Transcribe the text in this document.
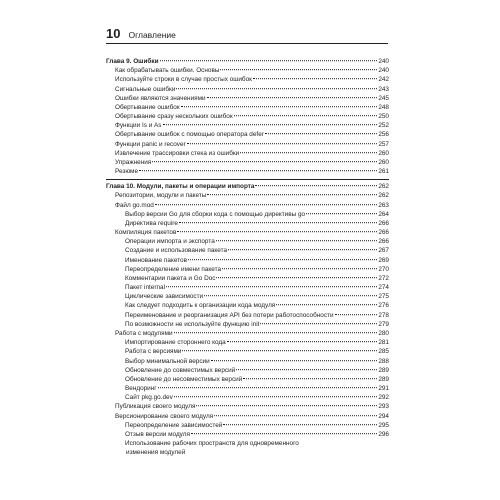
10 Оглавление
Глава 9. Ошибки	240
Как обрабатывать ошибки. Основы	240
Используйте строки в случае простых ошибок	242
Сигнальные ошибки	243
Ошибки являются значениями	245
Обертывание ошибок	248
Обертывание сразу нескольких ошибок	250
Функции Is и As	252
Обертывание ошибок с помощью оператора defer	256
Функции panic и recover	257
Извлечение трассировки стека из ошибки	260
Упражнения	260
Резюме	261
Глава 10. Модули, пакеты и операции импорта	262
Репозитории, модули и пакеты	262
Файл go.mod	263
Выбор версии Go для сборки кода с помощью директивы go	264
Директива require	266
Компиляция пакетов	266
Операции импорта и экспорта	266
Создание и использование пакета	267
Именование пакетов	269
Переопределение имени пакета	270
Комментарии пакета и Go Doc	272
Пакет internal	274
Циклические зависимости	275
Как следует подходить к организации кода модуля	276
Переименование и реорганизация API без потери работоспособности	278
По возможности не используйте функцию init	279
Работа с модулями	280
Импортирование стороннего кода	281
Работа с версиями	285
Выбор минимальной версии	288
Обновление до совместимых версий	289
Обновление до несовместимых версий	289
Вендоринг	291
Сайт pkg.go.dev	292
Публикация своего модуля	293
Версионирование своего модуля	294
Переопределение зависимостей	295
Отзыв версии модуля	296
Использование рабочих пространств для одновременного
изменения модулей
